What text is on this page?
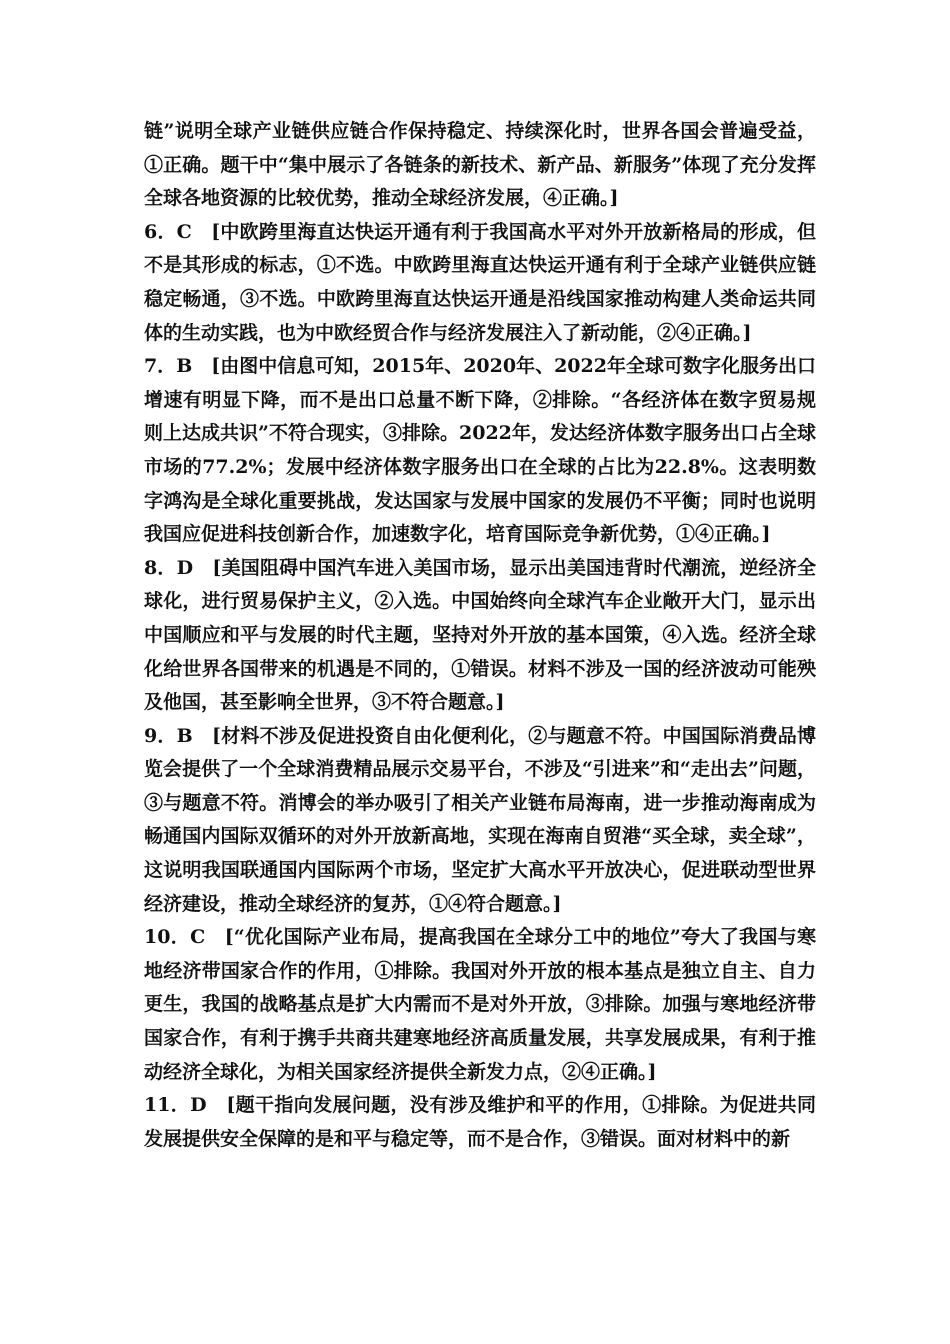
链”说明全球产业链供应链合作保持稳定、持续深化时，世界各国会普遍受益，①正确。题干中“集中展示了各链条的新技术、新产品、新服务”体现了充分发挥全球各地资源的比较优势，推动全球经济发展，④正确。]

6．C　[中欧跨里海直达快运开通有利于我国高水平对外开放新格局的形成，但不是其形成的标志，①不选。中欧跨里海直达快运开通有利于全球产业链供应链稳定畅通，③不选。中欧跨里海直达快运开通是沿线国家推动构建人类命运共同体的生动实践，也为中欧经贸合作与经济发展注入了新动能，②④正确。]

7．B　[由图中信息可知，2015年、2020年、2022年全球可数字化服务出口增速有明显下降，而不是出口总量不断下降，②排除。“各经济体在数字贸易规则上达成共识”不符合现实，③排除。2022年，发达经济体数字服务出口占全球市场的77.2%；发展中经济体数字服务出口在全球的占比为22.8%。这表明数字鸿沟是全球化重要挑战，发达国家与发展中国家的发展仍不平衡；同时也说明我国应促进科技创新合作，加速数字化，培育国际竞争新优势，①④正确。]

8．D　[美国阻碍中国汽车进入美国市场，显示出美国违背时代潮流，逆经济全球化，进行贸易保护主义，②入选。中国始终向全球汽车企业敞开大门，显示出中国顺应和平与发展的时代主题，坚持对外开放的基本国策，④入选。经济全球化给世界各国带来的机遇是不同的，①错误。材料不涉及一国的经济波动可能殃及他国，甚至影响全世界，③不符合题意。]

9．B　[材料不涉及促进投资自由化便利化，②与题意不符。中国国际消费品博览会提供了一个全球消费精品展示交易平台，不涉及“引进来”和“走出去”问题，③与题意不符。消博会的举办吸引了相关产业链布局海南，进一步推动海南成为畅通国内国际双循环的对外开放新高地，实现在海南自贸港“买全球，卖全球”，这说明我国联通国内国际两个市场，坚定扩大高水平开放决心，促进联动型世界经济建设，推动全球经济的复苏，①④符合题意。]

10．C　[“优化国际产业布局，提高我国在全球分工中的地位”夸大了我国与寒地经济带国家合作的作用，①排除。我国对外开放的根本基点是独立自主、自力更生，我国的战略基点是扩大内需而不是对外开放，③排除。加强与寒地经济带国家合作，有利于携手共商共建寒地经济高质量发展，共享发展成果，有利于推动经济全球化，为相关国家经济提供全新发力点，②④正确。]

11．D　[题干指向发展问题，没有涉及维护和平的作用，①排除。为促进共同发展提供安全保障的是和平与稳定等，而不是合作，③错误。面对材料中的新
